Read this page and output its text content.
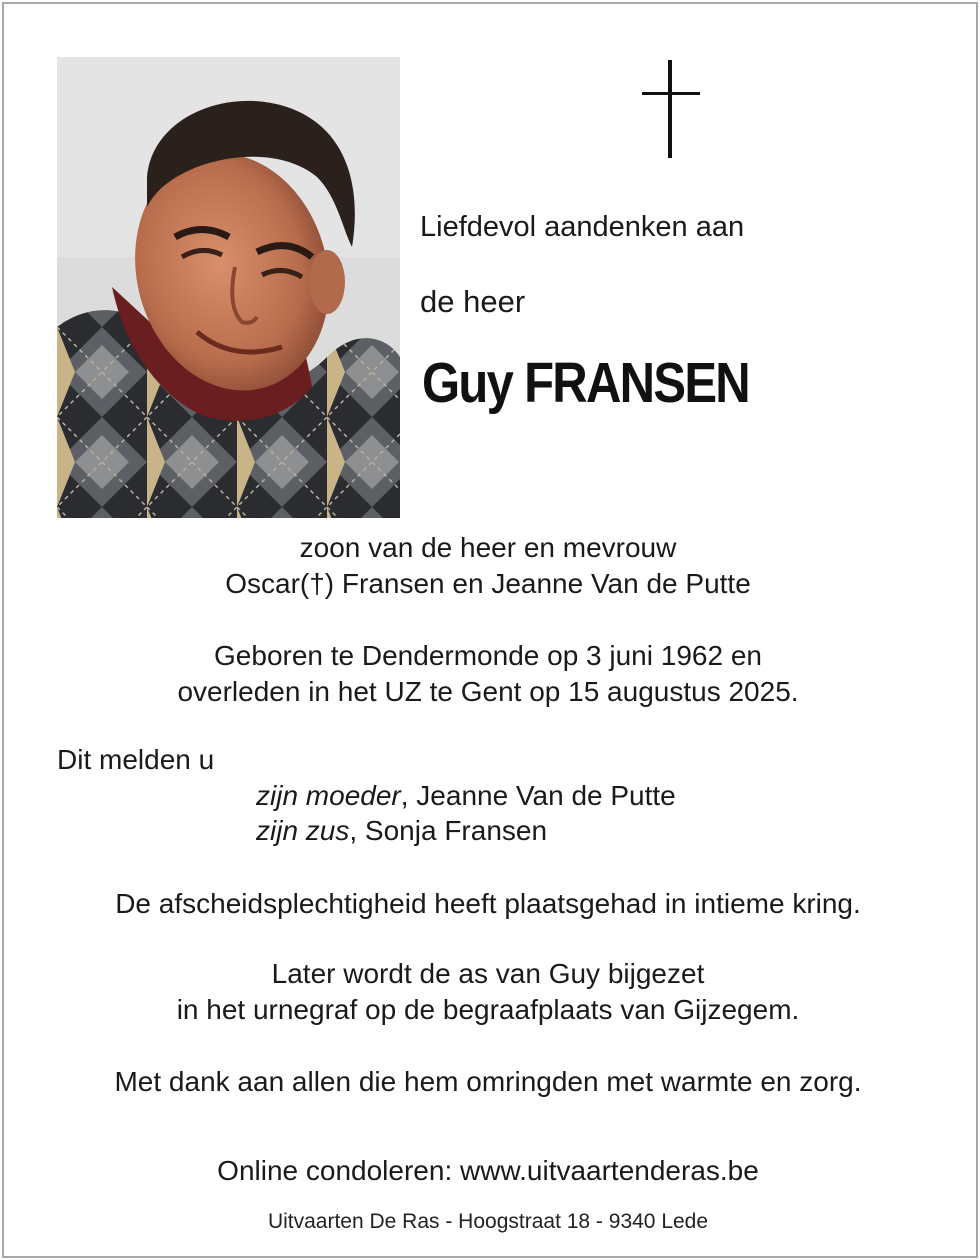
Liefdevol aandenken aan
de heer
Guy FRANSEN
zoon van de heer en mevrouw
Oscar(†) Fransen en Jeanne Van de Putte
Geboren te Dendermonde op 3 juni 1962 en
overleden in het UZ te Gent op 15 augustus 2025.
Dit melden u
zijn moeder, Jeanne Van de Putte
zijn zus, Sonja Fransen
De afscheidsplechtigheid heeft plaatsgehad in intieme kring.
Later wordt de as van Guy bijgezet
in het urnegraf op de begraafplaats van Gijzegem.
Met dank aan allen die hem omringden met warmte en zorg.
Online condoleren: www.uitvaartenderas.be
Uitvaarten De Ras - Hoogstraat 18 - 9340 Lede
